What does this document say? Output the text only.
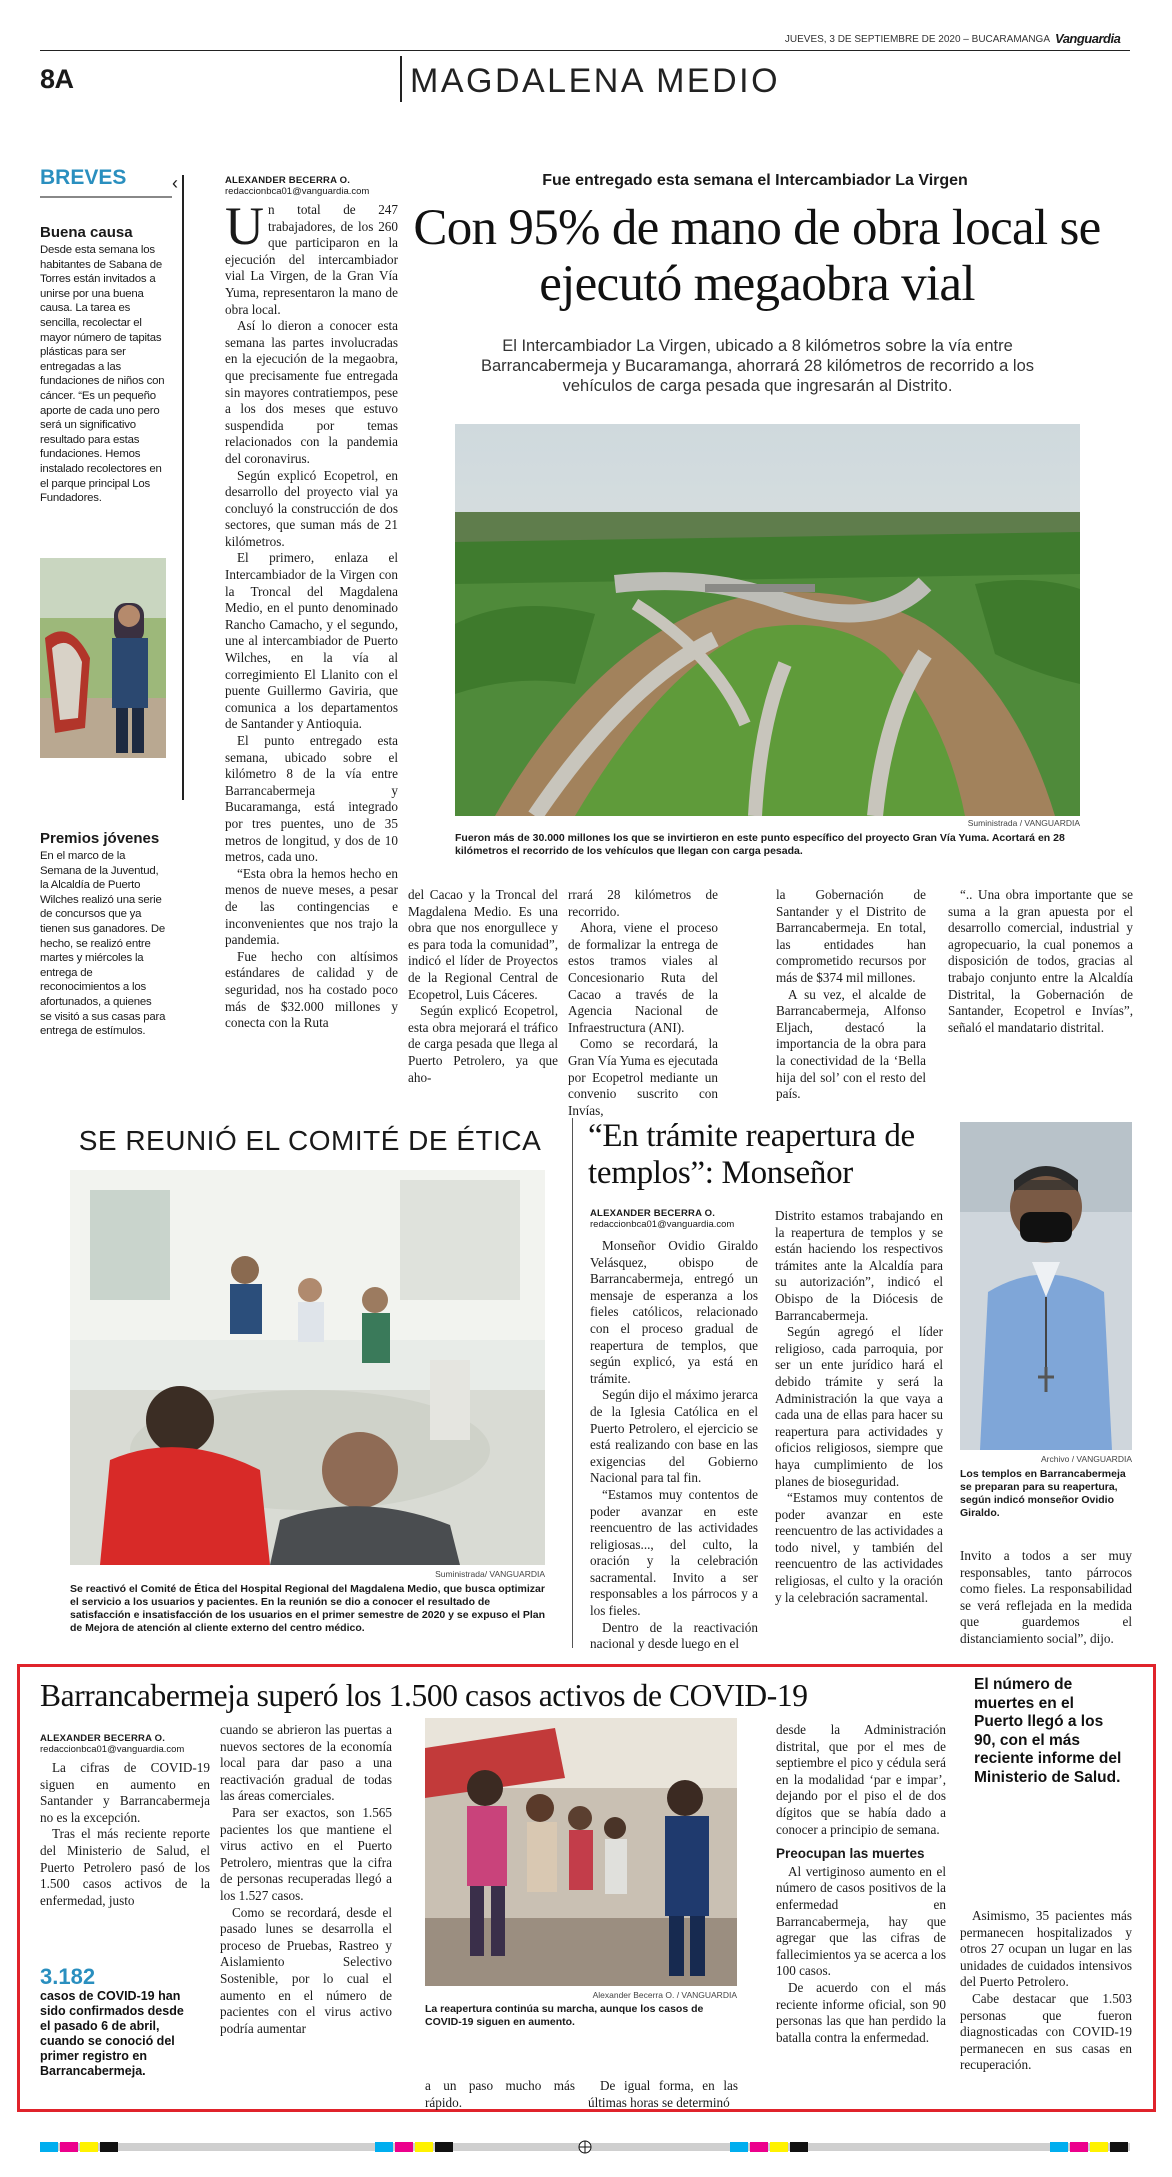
JUEVES, 3 DE SEPTIEMBRE DE 2020 – BUCARAMANGA Vanguardia
8A	MAGDALENA MEDIO
BREVES	‹
Buena causa
Desde esta semana los habitantes de Sabana de Torres están invitados a unirse por una buena causa. La tarea es sencilla, recolectar el mayor número de tapitas plásticas para ser entregadas a las fundaciones de niños con cáncer. “Es un pequeño aporte de cada uno pero será un significativo resultado para estas fundaciones. Hemos instalado recolectores en el parque principal Los Fundadores.
Premios jóvenes
En el marco de la Semana de la Juventud, la Alcaldía de Puerto Wilches realizó una serie de concursos que ya tienen sus ganadores. De hecho, se realizó entre martes y miércoles la entrega de reconocimientos a los afortunados, a quienes se visitó a sus casas para entrega de estímulos.
ALEXANDER BECERRA O.
redaccionbca01@vanguardia.com
Fue entregado esta semana el Intercambiador La Virgen
Con 95% de mano de obra local se ejecutó megaobra vial
El Intercambiador La Virgen, ubicado a 8 kilómetros sobre la vía entre Barrancabermeja y Bucaramanga, ahorrará 28 kilómetros de recorrido a los vehículos de carga pesada que ingresarán al Distrito.
Suministrada / VANGUARDIA
Fueron más de 30.000 millones los que se invirtieron en este punto específico del proyecto Gran Vía Yuma. Acortará en 28 kilómetros el recorrido de los vehículos que llegan con carga pesada.
U n total de 247 trabajadores, de los 260 que participaron en la ejecución del intercambiador vial La Virgen, de la Gran Vía Yuma, representaron la mano de obra local.

Así lo dieron a conocer esta semana las partes involucradas en la ejecución de la megaobra, que precisamente fue entregada sin mayores contratiempos, pese a los dos meses que estuvo suspendida por temas relacionados con la pandemia del coronavirus.

Según explicó Ecopetrol, en desarrollo del proyecto vial ya concluyó la construcción de dos sectores, que suman más de 21 kilómetros.

El primero, enlaza el Intercambiador de la Virgen con la Troncal del Magdalena Medio, en el punto denominado Rancho Camacho, y el segundo, une al intercambiador de Puerto Wilches, en la vía al corregimiento El Llanito con el puente Guillermo Gaviria, que comunica a los departamentos de Santander y Antioquia.

El punto entregado esta semana, ubicado sobre el kilómetro 8 de la vía entre Barrancabermeja y Bucaramanga, está integrado por tres puentes, uno de 35 metros de longitud, y dos de 10 metros, cada uno.

“Esta obra la hemos hecho en menos de nueve meses, a pesar de las contingencias e inconvenientes que nos trajo la pandemia.

Fue hecho con altísimos estándares de calidad y de seguridad, nos ha costado poco más de $32.000 millones y conecta con la Ruta

del Cacao y la Troncal del Magdalena Medio. Es una obra que nos enorgullece y es para toda la comunidad”, indicó el líder de Proyectos de la Regional Central de Ecopetrol, Luis Cáceres.

Según explicó Ecopetrol, esta obra mejorará el tráfico de carga pesada que llega al Puerto Petrolero, ya que aho-

rrará 28 kilómetros de recorrido.

Ahora, viene el proceso de formalizar la entrega de estos tramos viales al Concesionario Ruta del Cacao a través de la Agencia Nacional de Infraestructura (ANI).

Como se recordará, la Gran Vía Yuma es ejecutada por Ecopetrol mediante un convenio suscrito con Invías,

la Gobernación de Santander y el Distrito de Barrancabermeja. En total, las entidades han comprometido recursos por más de $374 mil millones.

A su vez, el alcalde de Barrancabermeja, Alfonso Eljach, destacó la importancia de la obra para la conectividad de la ‘Bella hija del sol’ con el resto del país.

“.. Una obra importante que se suma a la gran apuesta por el desarrollo comercial, industrial y agropecuario, la cual ponemos a disposición de todos, gracias al trabajo conjunto entre la Alcaldía Distrital, la Gobernación de Santander, Ecopetrol e Invías”, señaló el mandatario distrital.

SE REUNIÓ EL COMITÉ DE ÉTICA
Suministrada/ VANGUARDIA
Se reactivó el Comité de Ética del Hospital Regional del Magdalena Medio, que busca optimizar el servicio a los usuarios y pacientes. En la reunión se dio a conocer el resultado de satisfacción e insatisfacción de los usuarios en el primer semestre de 2020 y se expuso el Plan de Mejora de atención al cliente externo del centro médico.
“En trámite reapertura de templos”: Monseñor
ALEXANDER BECERRA O.
redaccionbca01@vanguardia.com

Monseñor Ovidio Giraldo Velásquez, obispo de Barrancabermeja, entregó un mensaje de esperanza a los fieles católicos, relacionado con el proceso gradual de reapertura de templos, que según explicó, ya está en trámite.

Según dijo el máximo jerarca de la Iglesia Católica en el Puerto Petrolero, el ejercicio se está realizando con base en las exigencias del Gobierno Nacional para tal fin.

“Estamos muy contentos de poder avanzar en este reencuentro de las actividades religiosas..., del culto, la oración y la celebración sacramental. Invito a ser responsables a los párrocos y a los fieles.

Dentro de la reactivación nacional y desde luego en el

Distrito estamos trabajando en la reapertura de templos y se están haciendo los respectivos trámites ante la Alcaldía para su autorización”, indicó el Obispo de la Diócesis de Barrancabermeja.

Según agregó el líder religioso, cada parroquia, por ser un ente jurídico hará el debido trámite y será la Administración la que vaya a cada una de ellas para hacer su reapertura para actividades y oficios religiosos, siempre que haya cumplimiento de los planes de bioseguridad.

“Estamos muy contentos de poder avanzar en este reencuentro de las actividades a todo nivel, y también del reencuentro de las actividades religiosas, el culto y la oración y la celebración sacramental.

Archivo / VANGUARDIA
Los templos en Barrancabermeja se preparan para su reapertura, según indicó monseñor Ovidio Giraldo.

Invito a todos a ser muy responsables, tanto párrocos como fieles. La responsabilidad se verá reflejada en la medida que guardemos el distanciamiento social”, dijo.

Barrancabermeja superó los 1.500 casos activos de COVID-19	El número de muertes en el Puerto llegó a los 90, con el más reciente informe del Ministerio de Salud.
ALEXANDER BECERRA O.
redaccionbca01@vanguardia.com

La cifras de COVID-19 siguen en aumento en Santander y Barrancabermeja no es la excepción.

Tras el más reciente reporte del Ministerio de Salud, el Puerto Petrolero pasó de los 1.500 casos activos de la enfermedad, justo

3.182
casos de COVID-19 han sido confirmados desde el pasado 6 de abril, cuando se conoció del primer registro en Barrancabermeja.

cuando se abrieron las puertas a nuevos sectores de la economía local para dar paso a una reactivación gradual de todas las áreas comerciales.

Para ser exactos, son 1.565 pacientes los que mantiene el virus activo en el Puerto Petrolero, mientras que la cifra de personas recuperadas llegó a los 1.527 casos.

Como se recordará, desde el pasado lunes se desarrolla el proceso de Pruebas, Rastreo y Aislamiento Selectivo Sostenible, por lo cual el aumento en el número de pacientes con el virus activo podría aumentar

Alexander Becerra O. / VANGUARDIA
La reapertura continúa su marcha, aunque los casos de COVID-19 siguen en aumento.

a un paso mucho más rápido.

De igual forma, en las últimas horas se determinó

desde la Administración distrital, que por el mes de septiembre el pico y cédula será en la modalidad ‘par e impar’, dejando por el piso el de dos dígitos que se había dado a conocer a principio de semana.

Preocupan las muertes

Al vertiginoso aumento en el número de casos positivos de la enfermedad en Barrancabermeja, hay que agregar que las cifras de fallecimientos ya se acerca a los 100 casos.

De acuerdo con el más reciente informe oficial, son 90 personas las que han perdido la batalla contra la enfermedad.

Asimismo, 35 pacientes más permanecen hospitalizados y otros 27 ocupan un lugar en las unidades de cuidados intensivos del Puerto Petrolero.

Cabe destacar que 1.503 personas que fueron diagnosticadas con COVID-19 permanecen en sus casas en recuperación.
